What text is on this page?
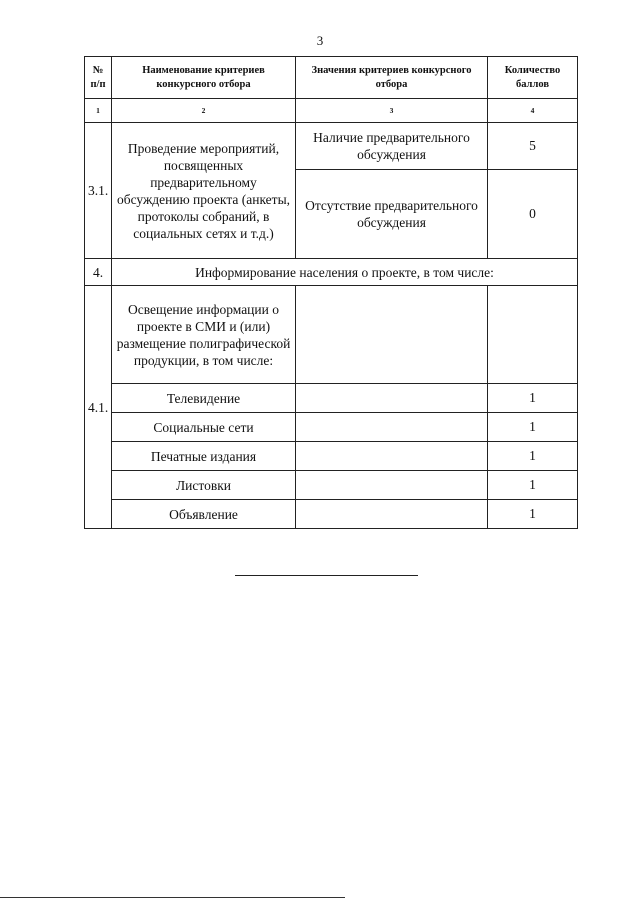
3
№ п/п	Наименование критериев конкурсного отбора	Значения критериев конкурсного отбора	Количество баллов
1	2	3	4
3.1.	Проведение мероприятий, посвященных предварительному обсуждению проекта (анкеты, протоколы собраний, в социальных сетях и т.д.)	Наличие предварительного обсуждения	5
		Отсутствие предварительного обсуждения	0
4.	Информирование населения о проекте, в том числе:		
4.1.	Освещение информации о проекте в СМИ и (или) размещение полиграфической продукции, в том числе:		
	Телевидение		1
	Социальные сети		1
	Печатные издания		1
	Листовки		1
	Объявление		1
